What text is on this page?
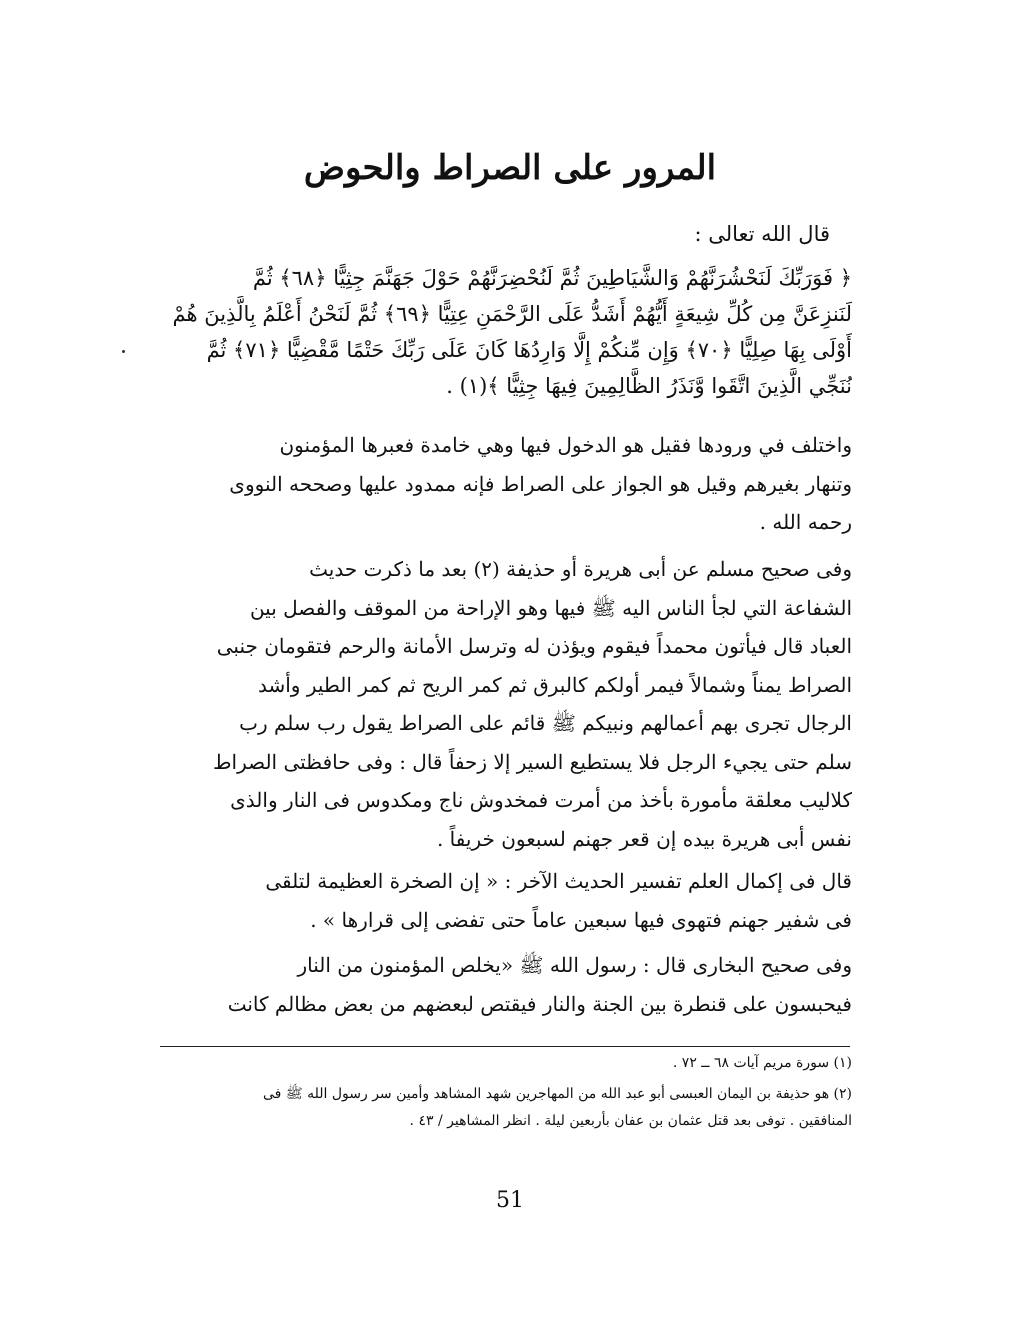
المرور على الصراط والحوض
قال الله تعالى :
﴿ فَوَرَبِّكَ لَنَحْشُرَنَّهُمْ وَالشَّيَاطِينَ ثُمَّ لَنُحْضِرَنَّهُمْ حَوْلَ جَهَنَّمَ جِثِيًّا ﴿٦٨﴾ ثُمَّ
لَنَنزِعَنَّ مِن كُلِّ شِيعَةٍ أَيُّهُمْ أَشَدُّ عَلَى الرَّحْمَنِ عِتِيًّا ﴿٦٩﴾ ثُمَّ لَنَحْنُ أَعْلَمُ بِالَّذِينَ هُمْ
أَوْلَى بِهَا صِلِيًّا ﴿٧٠﴾ وَإِن مِّنكُمْ إِلَّا وَارِدُهَا كَانَ عَلَى رَبِّكَ حَتْمًا مَّقْضِيًّا ﴿٧١﴾ ثُمَّ
نُنَجِّي الَّذِينَ اتَّقَوا وَّنَذَرُ الظَّالِمِينَ فِيهَا جِثِيًّا ﴾(١) .
واختلف في ورودها فقيل هو الدخول فيها وهي خامدة فعبرها المؤمنون
وتنهار بغيرهم وقيل هو الجواز على الصراط فإنه ممدود عليها وصححه النووى
رحمه الله .
وفى صحيح مسلم عن أبى هريرة أو حذيفة (٢) بعد ما ذكرت حديث
الشفاعة التي لجأ الناس اليه ﷺ فيها وهو الإراحة من الموقف والفصل بين
العباد قال فيأتون محمداً فيقوم ويؤذن له وترسل الأمانة والرحم فتقومان جنبى
الصراط يمناً وشمالاً فيمر أولكم كالبرق ثم كمر الريح ثم كمر الطير وأشد
الرجال تجرى بهم أعمالهم ونبيكم ﷺ قائم على الصراط يقول رب سلم رب
سلم حتى يجيء الرجل فلا يستطيع السير إلا زحفاً قال : وفى حافظتى الصراط
كلاليب معلقة مأمورة بأخذ من أمرت فمخدوش ناج ومكدوس فى النار والذى
نفس أبى هريرة بيده إن قعر جهنم لسبعون خريفاً .
قال فى إكمال العلم تفسير الحديث الآخر : « إن الصخرة العظيمة لتلقى
فى شفير جهنم فتهوى فيها سبعين عاماً حتى تفضى إلى قرارها » .
وفى صحيح البخارى قال : رسول الله ﷺ «يخلص المؤمنون من النار
فيحبسون على قنطرة بين الجنة والنار فيقتص لبعضهم من بعض مظالم كانت
(١) سورة مريم آيات ٦٨ ــ ٧٢ .
(٢) هو حذيفة بن اليمان العبسى أبو عبد الله من المهاجرين شهد المشاهد وأمين سر رسول الله ﷺ فى
المنافقين . توفى بعد قتل عثمان بن عفان بأربعين ليلة . انظر المشاهير / ٤٣ .
51
